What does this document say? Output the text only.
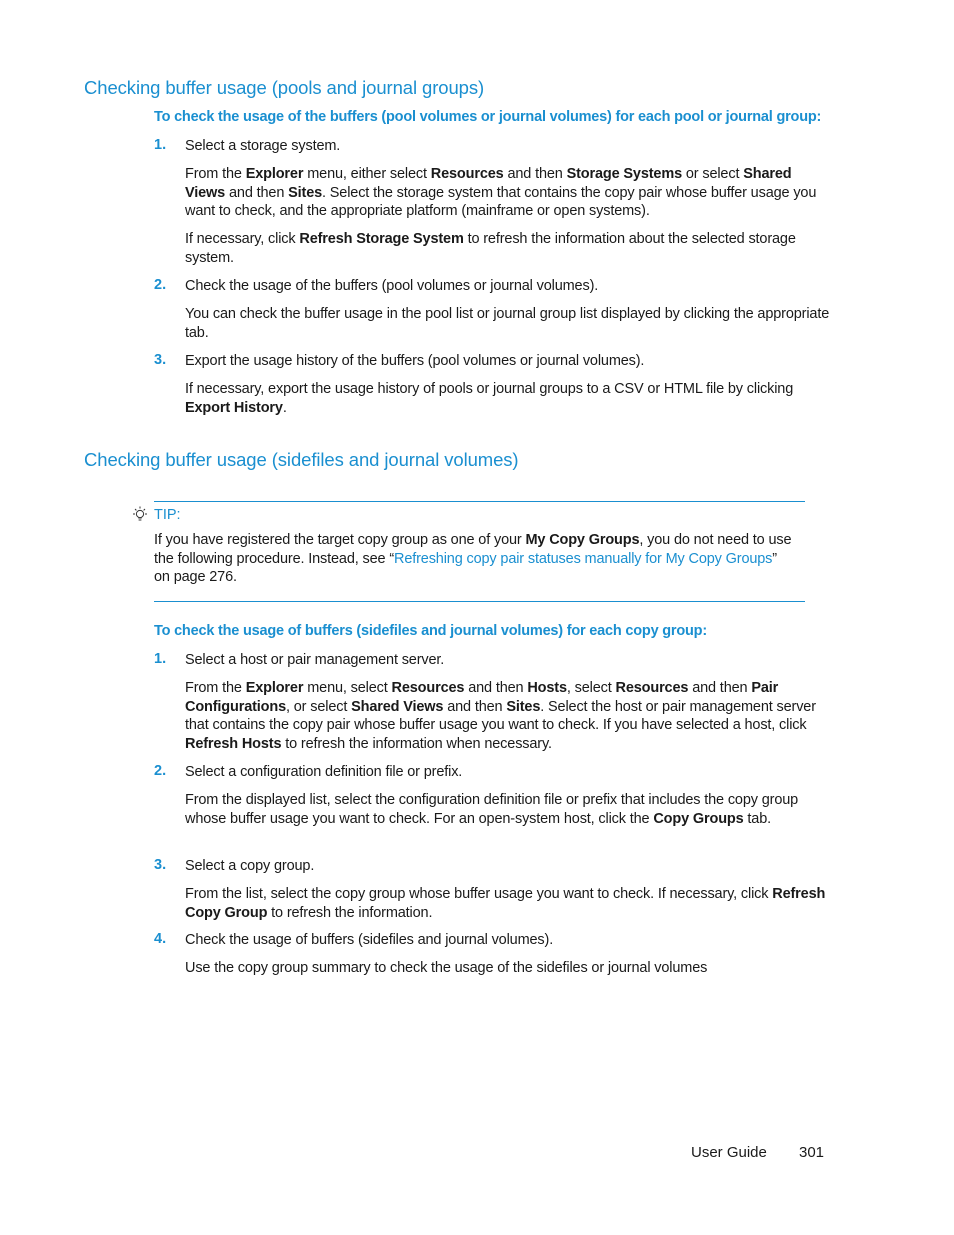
Checking buffer usage (pools and journal groups)
To check the usage of the buffers (pool volumes or journal volumes) for each pool or journal group:
1. Select a storage system.
From the Explorer menu, either select Resources and then Storage Systems or select Shared Views and then Sites. Select the storage system that contains the copy pair whose buffer usage you want to check, and the appropriate platform (mainframe or open systems).
If necessary, click Refresh Storage System to refresh the information about the selected storage system.
2. Check the usage of the buffers (pool volumes or journal volumes).
You can check the buffer usage in the pool list or journal group list displayed by clicking the appropriate tab.
3. Export the usage history of the buffers (pool volumes or journal volumes).
If necessary, export the usage history of pools or journal groups to a CSV or HTML file by clicking Export History.
Checking buffer usage (sidefiles and journal volumes)
TIP:
If you have registered the target copy group as one of your My Copy Groups, you do not need to use the following procedure. Instead, see “Refreshing copy pair statuses manually for My Copy Groups” on page 276.
To check the usage of buffers (sidefiles and journal volumes) for each copy group:
1. Select a host or pair management server.
From the Explorer menu, select Resources and then Hosts, select Resources and then Pair Configurations, or select Shared Views and then Sites. Select the host or pair management server that contains the copy pair whose buffer usage you want to check. If you have selected a host, click Refresh Hosts to refresh the information when necessary.
2. Select a configuration definition file or prefix.
From the displayed list, select the configuration definition file or prefix that includes the copy group whose buffer usage you want to check. For an open-system host, click the Copy Groups tab.
3. Select a copy group.
From the list, select the copy group whose buffer usage you want to check. If necessary, click Refresh Copy Group to refresh the information.
4. Check the usage of buffers (sidefiles and journal volumes).
Use the copy group summary to check the usage of the sidefiles or journal volumes
User Guide 301
